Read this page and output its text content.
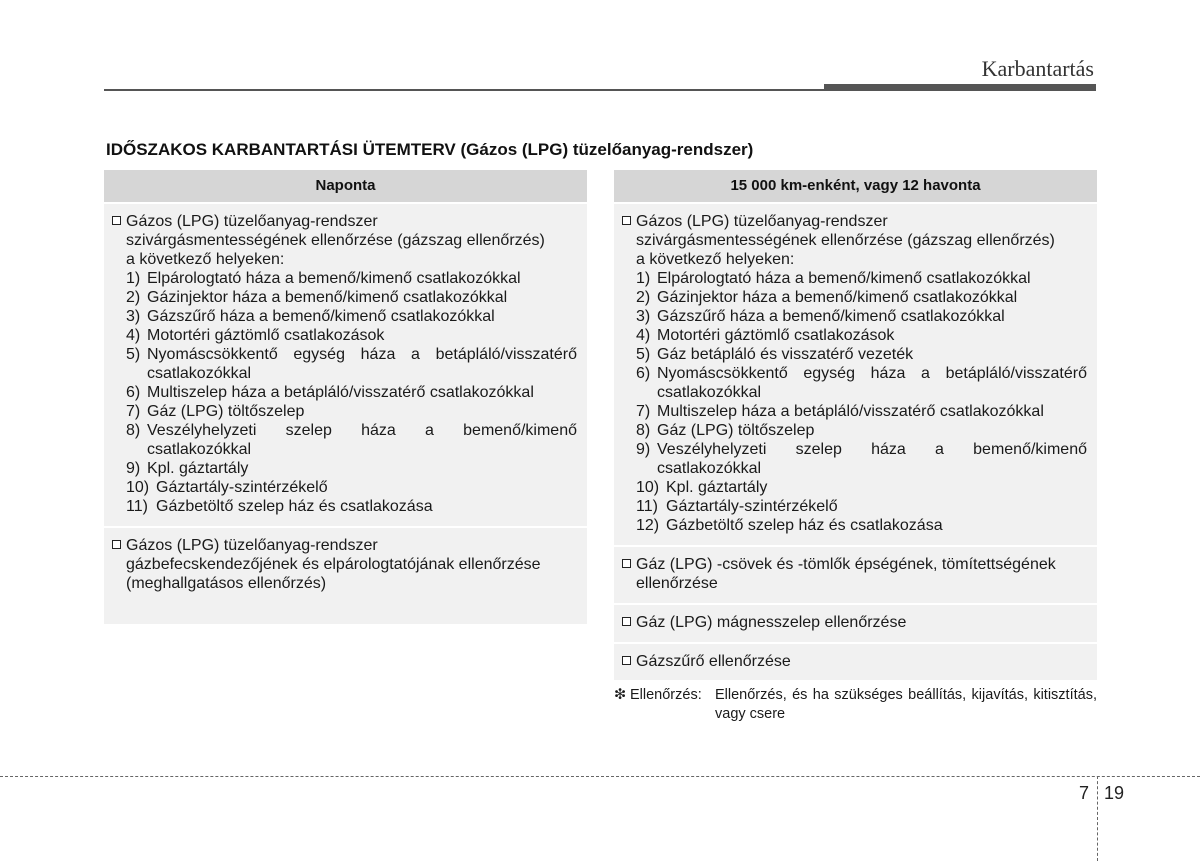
Karbantartás
IDŐSZAKOS KARBANTARTÁSI ÜTEMTERV (Gázos (LPG) tüzelőanyag-rendszer)
Naponta
Gázos (LPG) tüzelőanyag-rendszer
szivárgásmentességének ellenőrzése (gázszag ellenőrzés)
a következő helyeken:
1) Elpárologtató háza a bemenő/kimenő csatlakozókkal
2) Gázinjektor háza a bemenő/kimenő csatlakozókkal
3) Gázszűrő háza a bemenő/kimenő csatlakozókkal
4) Motortéri gáztömlő csatlakozások
5) Nyomáscsökkentő egység háza a betápláló/visszatérő csatlakozókkal
6) Multiszelep háza a betápláló/visszatérő csatlakozókkal
7) Gáz (LPG) töltőszelep
8) Veszélyhelyzeti szelep háza a bemenő/kimenő csatlakozókkal
9) Kpl. gáztartály
10) Gáztartály-szintérzékelő
11) Gázbetöltő szelep ház és csatlakozása
Gázos (LPG) tüzelőanyag-rendszer
gázbefecskendezőjének és elpárologtatójának ellenőrzése
(meghallgatásos ellenőrzés)
15 000 km-enként, vagy 12 havonta
Gázos (LPG) tüzelőanyag-rendszer
szivárgásmentességének ellenőrzése (gázszag ellenőrzés)
a következő helyeken:
1) Elpárologtató háza a bemenő/kimenő csatlakozókkal
2) Gázinjektor háza a bemenő/kimenő csatlakozókkal
3) Gázszűrő háza a bemenő/kimenő csatlakozókkal
4) Motortéri gáztömlő csatlakozások
5) Gáz betápláló és visszatérő vezeték
6) Nyomáscsökkentő egység háza a betápláló/visszatérő csatlakozókkal
7) Multiszelep háza a betápláló/visszatérő csatlakozókkal
8) Gáz (LPG) töltőszelep
9) Veszélyhelyzeti szelep háza a bemenő/kimenő csatlakozókkal
10) Kpl. gáztartály
11) Gáztartály-szintérzékelő
12) Gázbetöltő szelep ház és csatlakozása
Gáz (LPG) -csövek és -tömlők épségének, tömítettségének
ellenőrzése
Gáz (LPG) mágnesszelep ellenőrzése
Gázszűrő ellenőrzése
❇ Ellenőrzés: Ellenőrzés, és ha szükséges beállítás, kijavítás, kitisztítás, vagy csere
7 19
